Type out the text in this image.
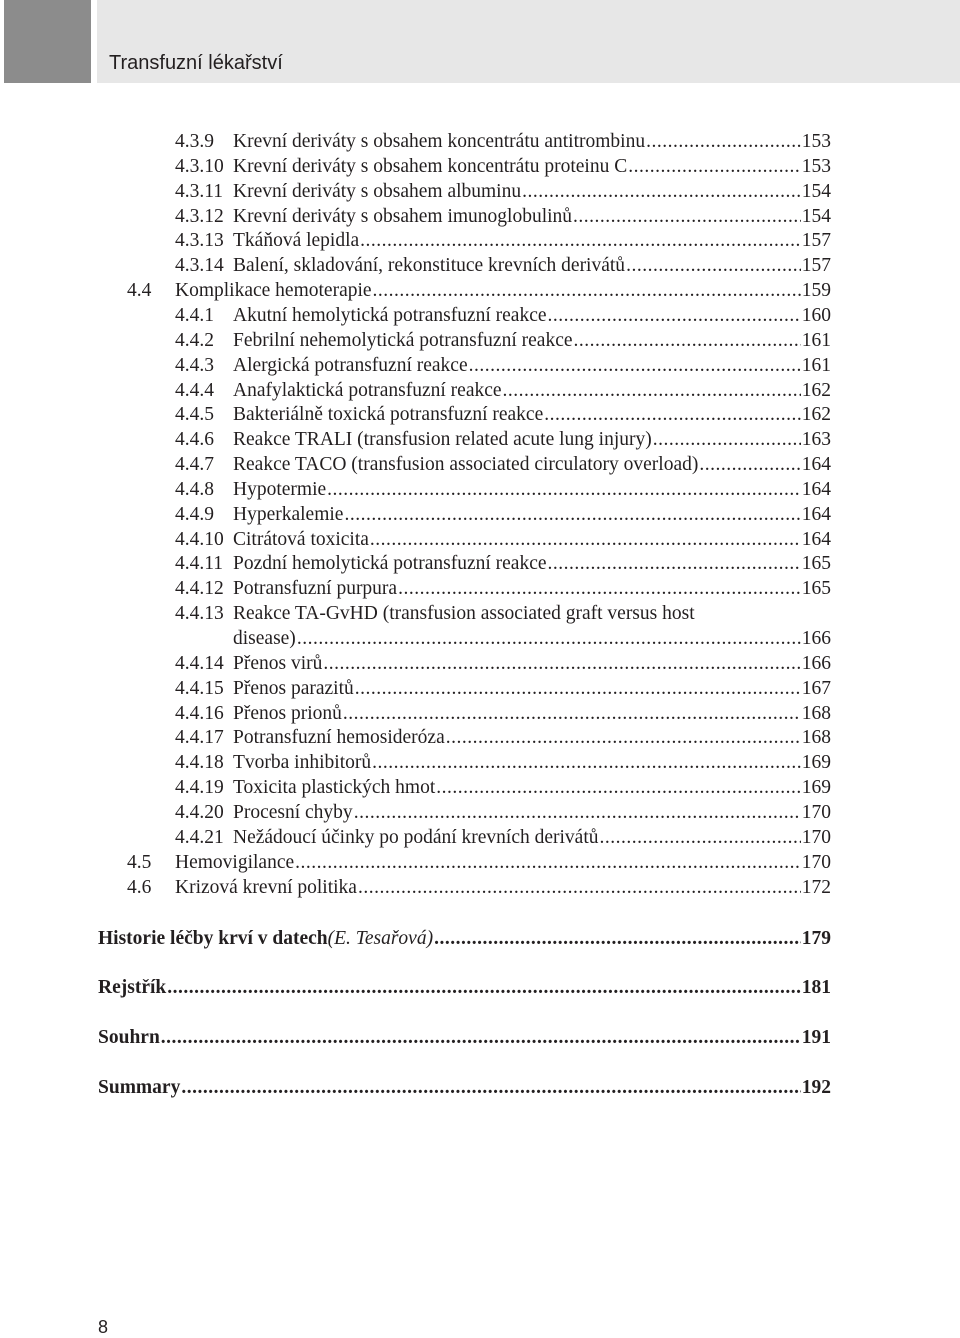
Transfuzní lékařství
4.3.9 Krevní deriváty s obsahem koncentrátu antitrombinu .....	153
4.3.10 Krevní deriváty s obsahem koncentrátu proteinu C .....	153
4.3.11 Krevní deriváty s obsahem albuminu .....	154
4.3.12 Krevní deriváty s obsahem imunoglobulinů .....	154
4.3.13 Tkáňová lepidla .....	157
4.3.14 Balení, skladování, rekonstituce krevních derivátů .....	157
4.4 Komplikace hemoterapie .....	159
4.4.1 Akutní hemolytická potransfuzní reakce .....	160
4.4.2 Febrilní nehemolytická potransfuzní reakce .....	161
4.4.3 Alergická potransfuzní reakce .....	161
4.4.4 Anafylaktická potransfuzní reakce .....	162
4.4.5 Bakteriálně toxická potransfuzní reakce .....	162
4.4.6 Reakce TRALI (transfusion related acute lung injury) .....	163
4.4.7 Reakce TACO (transfusion associated circulatory overload) .....	164
4.4.8 Hypotermie .....	164
4.4.9 Hyperkalemie .....	164
4.4.10 Citrátová toxicita .....	164
4.4.11 Pozdní hemolytická potransfuzní reakce .....	165
4.4.12 Potransfuzní purpura .....	165
4.4.13 Reakce TA-GvHD (transfusion associated graft versus host
disease) .....	166
4.4.14 Přenos virů .....	166
4.4.15 Přenos parazitů .....	167
4.4.16 Přenos prionů .....	168
4.4.17 Potransfuzní hemosideróza .....	168
4.4.18 Tvorba inhibitorů .....	169
4.4.19 Toxicita plastických hmot .....	169
4.4.20 Procesní chyby .....	170
4.4.21 Nežádoucí účinky po podání krevních derivátů .....	170
4.5 Hemovigilance .....	170
4.6 Krizová krevní politika .....	172
Historie léčby krví v datech (E. Tesařová) .....	179
Rejstřík .....	181
Souhrn .....	191
Summary .....	192
8
